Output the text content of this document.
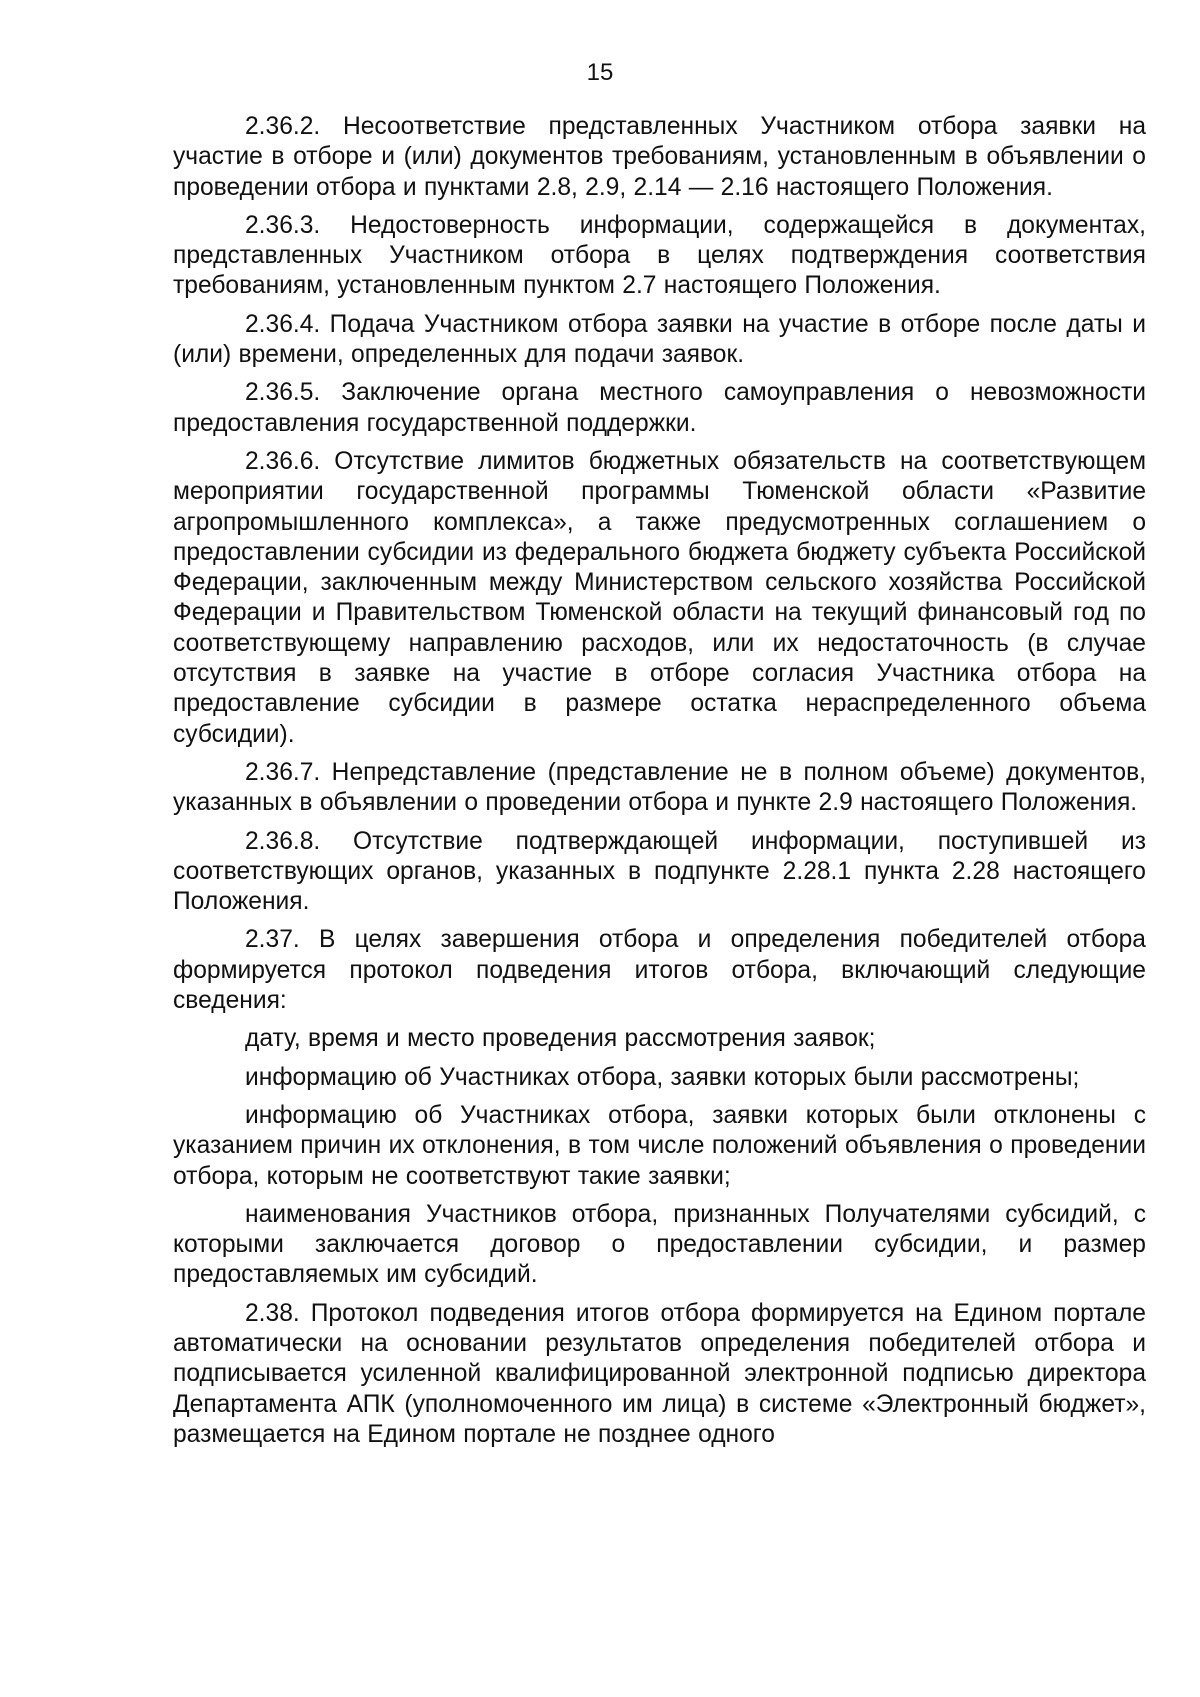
15

2.36.2. Несоответствие представленных Участником отбора заявки на участие в отборе и (или) документов требованиям, установленным в объявлении о проведении отбора и пунктами 2.8, 2.9, 2.14 — 2.16 настоящего Положения.

2.36.3. Недостоверность информации, содержащейся в документах, представленных Участником отбора в целях подтверждения соответствия требованиям, установленным пунктом 2.7 настоящего Положения.

2.36.4. Подача Участником отбора заявки на участие в отборе после даты и (или) времени, определенных для подачи заявок.

2.36.5. Заключение органа местного самоуправления о невозможности предоставления государственной поддержки.

2.36.6. Отсутствие лимитов бюджетных обязательств на соответствующем мероприятии государственной программы Тюменской области «Развитие агропромышленного комплекса», а также предусмотренных соглашением о предоставлении субсидии из федерального бюджета бюджету субъекта Российской Федерации, заключенным между Министерством сельского хозяйства Российской Федерации и Правительством Тюменской области на текущий финансовый год по соответствующему направлению расходов, или их недостаточность (в случае отсутствия в заявке на участие в отборе согласия Участника отбора на предоставление субсидии в размере остатка нераспределенного объема субсидии).

2.36.7. Непредставление (представление не в полном объеме) документов, указанных в объявлении о проведении отбора и пункте 2.9 настоящего Положения.

2.36.8. Отсутствие подтверждающей информации, поступившей из соответствующих органов, указанных в подпункте 2.28.1 пункта 2.28 настоящего Положения.

2.37. В целях завершения отбора и определения победителей отбора формируется протокол подведения итогов отбора, включающий следующие сведения:

дату, время и место проведения рассмотрения заявок;

информацию об Участниках отбора, заявки которых были рассмотрены;

информацию об Участниках отбора, заявки которых были отклонены с указанием причин их отклонения, в том числе положений объявления о проведении отбора, которым не соответствуют такие заявки;

наименования Участников отбора, признанных Получателями субсидий, с которыми заключается договор о предоставлении субсидии, и размер предоставляемых им субсидий.

2.38. Протокол подведения итогов отбора формируется на Едином портале автоматически на основании результатов определения победителей отбора и подписывается усиленной квалифицированной электронной подписью директора Департамента АПК (уполномоченного им лица) в системе «Электронный бюджет», размещается на Едином портале не позднее одного
